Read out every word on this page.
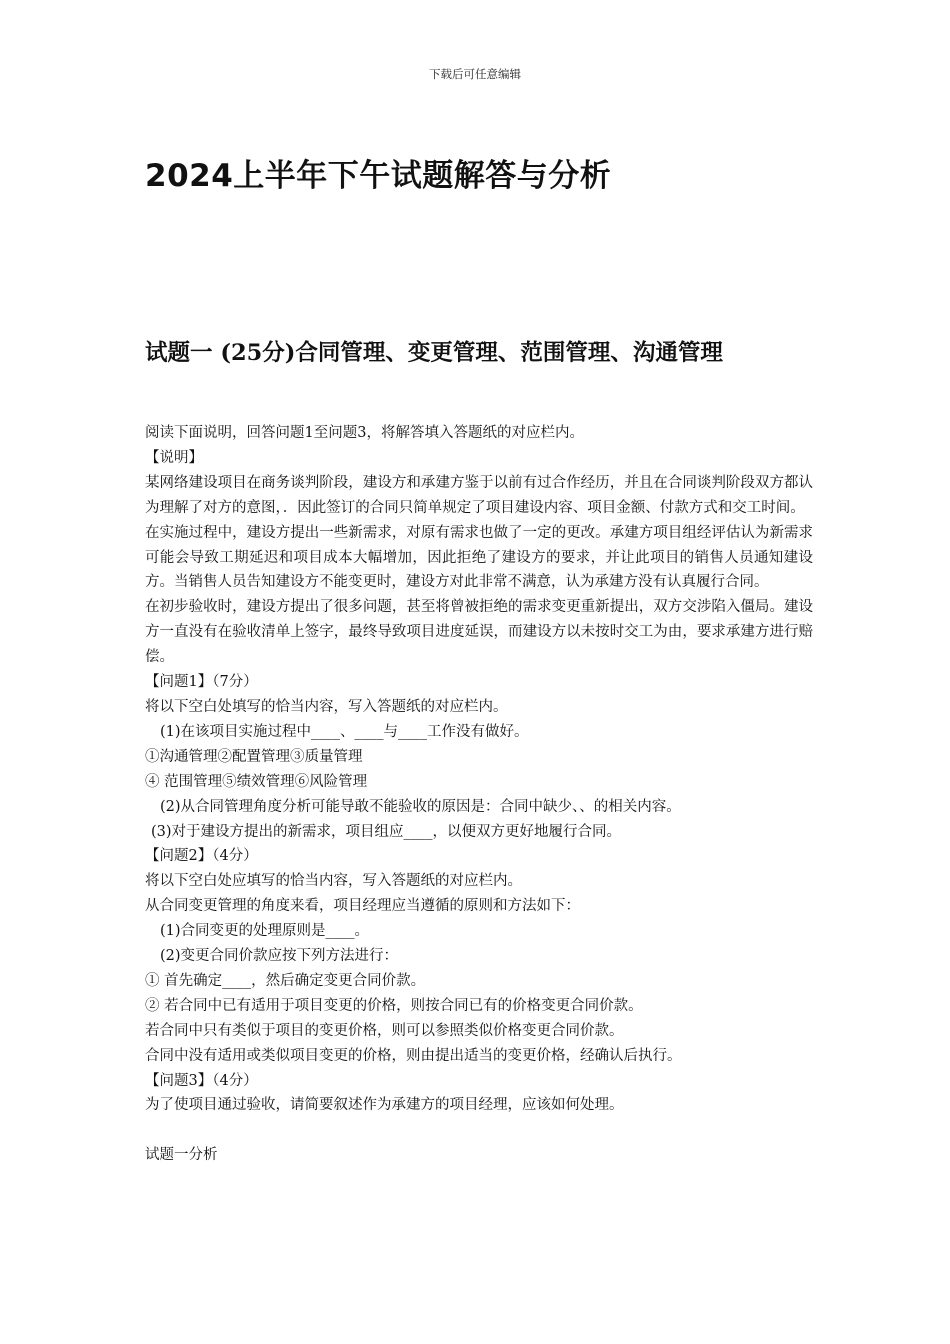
下载后可任意编辑
2024上半年下午试题解答与分析
试题一 (25分)合同管理、变更管理、范围管理、沟通管理

阅读下面说明，回答问题1至问题3，将解答填入答题纸的对应栏内。

【说明】

某网络建设项目在商务谈判阶段，建设方和承建方鉴于以前有过合作经历，并且在合同谈判阶段双方都认为理解了对方的意图，．因此签订的合同只简单规定了项目建设内容、项目金额、付款方式和交工时间。

在实施过程中，建设方提出一些新需求，对原有需求也做了一定的更改。承建方项目组经评估认为新需求可能会导致工期延迟和项目成本大幅增加，因此拒绝了建设方的要求，并让此项目的销售人员通知建设方。当销售人员告知建设方不能变更时，建设方对此非常不满意，认为承建方没有认真履行合同。

在初步验收时，建设方提出了很多问题，甚至将曾被拒绝的需求变更重新提出，双方交涉陷入僵局。建设方一直没有在验收清单上签字，最终导致项目进度延误，而建设方以未按时交工为由，要求承建方进行赔偿。

【问题1】（7分）

将以下空白处填写的恰当内容，写入答题纸的对应栏内。

(1)在该项目实施过程中____、____与____工作没有做好。

①沟通管理②配置管理③质量管理

④ 范围管理⑤绩效管理⑥风险管理

(2)从合同管理角度分析可能导敢不能验收的原因是：合同中缺少、、的相关内容。

(3)对于建设方提出的新需求，项目组应____，以便双方更好地履行合同。

【问题2】（4分）

将以下空白处应填写的恰当内容，写入答题纸的对应栏内。

从合同变更管理的角度来看，项目经理应当遵循的原则和方法如下：

(1)合同变更的处理原则是____。

(2)变更合同价款应按下列方法进行：

① 首先确定____，然后确定变更合同价款。

② 若合同中已有适用于项目变更的价格，则按合同已有的价格变更合同价款。

若合同中只有类似于项目的变更价格，则可以参照类似价格变更合同价款。

合同中没有适用或类似项目变更的价格，则由提出适当的变更价格，经确认后执行。

【问题3】（4分）

为了使项目通过验收，请简要叙述作为承建方的项目经理，应该如何处理。

试题一分析
